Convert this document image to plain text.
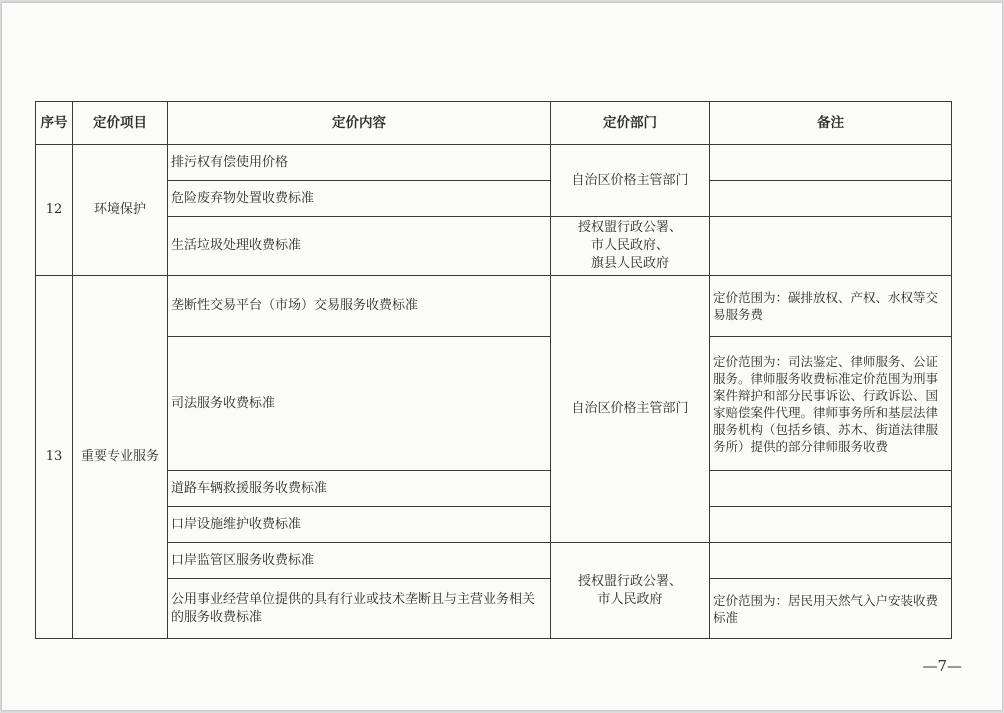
序号	定价项目	定价内容	定价部门	备注
12	环境保护	排污权有偿使用价格	自治区价格主管部门	
		危险废弃物处置收费标准		
		生活垃圾处理收费标准	授权盟行政公署、
市人民政府、
旗县人民政府	
13	重要专业服务	垄断性交易平台（市场）交易服务收费标准	自治区价格主管部门	定价范围为：碳排放权、产权、水权等交易服务费
		司法服务收费标准		定价范围为：司法鉴定、律师服务、公证服务。律师服务收费标准定价范围为刑事案件辩护和部分民事诉讼、行政诉讼、国家赔偿案件代理。律师事务所和基层法律服务机构（包括乡镇、苏木、街道法律服务所）提供的部分律师服务收费
		道路车辆救援服务收费标准		
		口岸设施维护收费标准		
		口岸监管区服务收费标准	授权盟行政公署、
市人民政府	
		公用事业经营单位提供的具有行业或技术垄断且与主营业务相关的服务收费标准		定价范围为：居民用天然气入户安装收费标准
—7—
